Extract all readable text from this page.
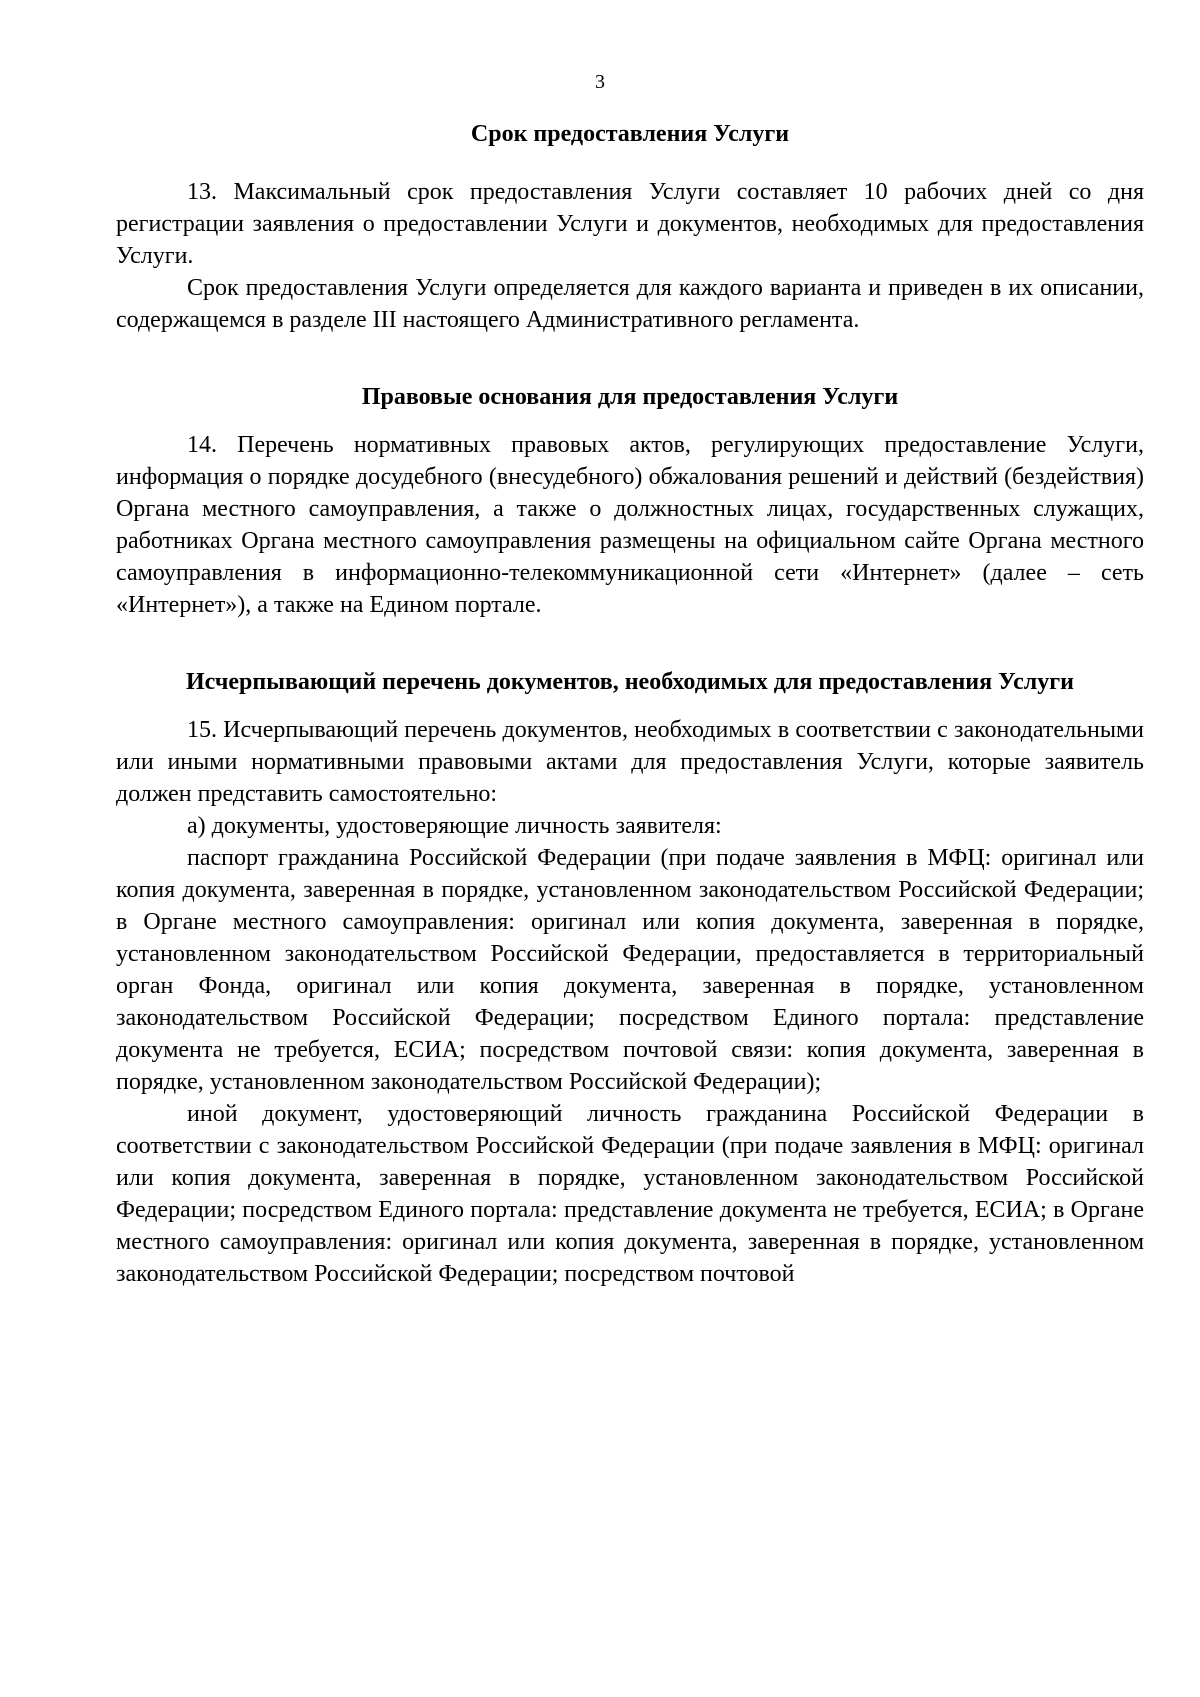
3
Срок предоставления Услуги

13. Максимальный срок предоставления Услуги составляет 10 рабочих дней со дня регистрации заявления о предоставлении Услуги и документов, необходимых для предоставления Услуги.

Срок предоставления Услуги определяется для каждого варианта и приведен в их описании, содержащемся в разделе III настоящего Административного регламента.

Правовые основания для предоставления Услуги

14. Перечень нормативных правовых актов, регулирующих предоставление Услуги, информация о порядке досудебного (внесудебного) обжалования решений и действий (бездействия) Органа местного самоуправления, а также о должностных лицах, государственных служащих, работниках Органа местного самоуправления размещены на официальном сайте Органа местного самоуправления в информационно-телекоммуникационной сети «Интернет» (далее – сеть «Интернет»), а также на Едином портале.

Исчерпывающий перечень документов, необходимых для предоставления Услуги

15. Исчерпывающий перечень документов, необходимых в соответствии с законодательными или иными нормативными правовыми актами для предоставления Услуги, которые заявитель должен представить самостоятельно:

а) документы, удостоверяющие личность заявителя:

паспорт гражданина Российской Федерации (при подаче заявления в МФЦ: оригинал или копия документа, заверенная в порядке, установленном законодательством Российской Федерации; в Органе местного самоуправления: оригинал или копия документа, заверенная в порядке, установленном законодательством Российской Федерации, предоставляется в территориальный орган Фонда, оригинал или копия документа, заверенная в порядке, установленном законодательством Российской Федерации; посредством Единого портала: представление документа не требуется, ЕСИА; посредством почтовой связи: копия документа, заверенная в порядке, установленном законодательством Российской Федерации);

иной документ, удостоверяющий личность гражданина Российской Федерации в соответствии с законодательством Российской Федерации (при подаче заявления в МФЦ: оригинал или копия документа, заверенная в порядке, установленном законодательством Российской Федерации; посредством Единого портала: представление документа не требуется, ЕСИА; в Органе местного самоуправления: оригинал или копия документа, заверенная в порядке, установленном законодательством Российской Федерации; посредством почтовой
